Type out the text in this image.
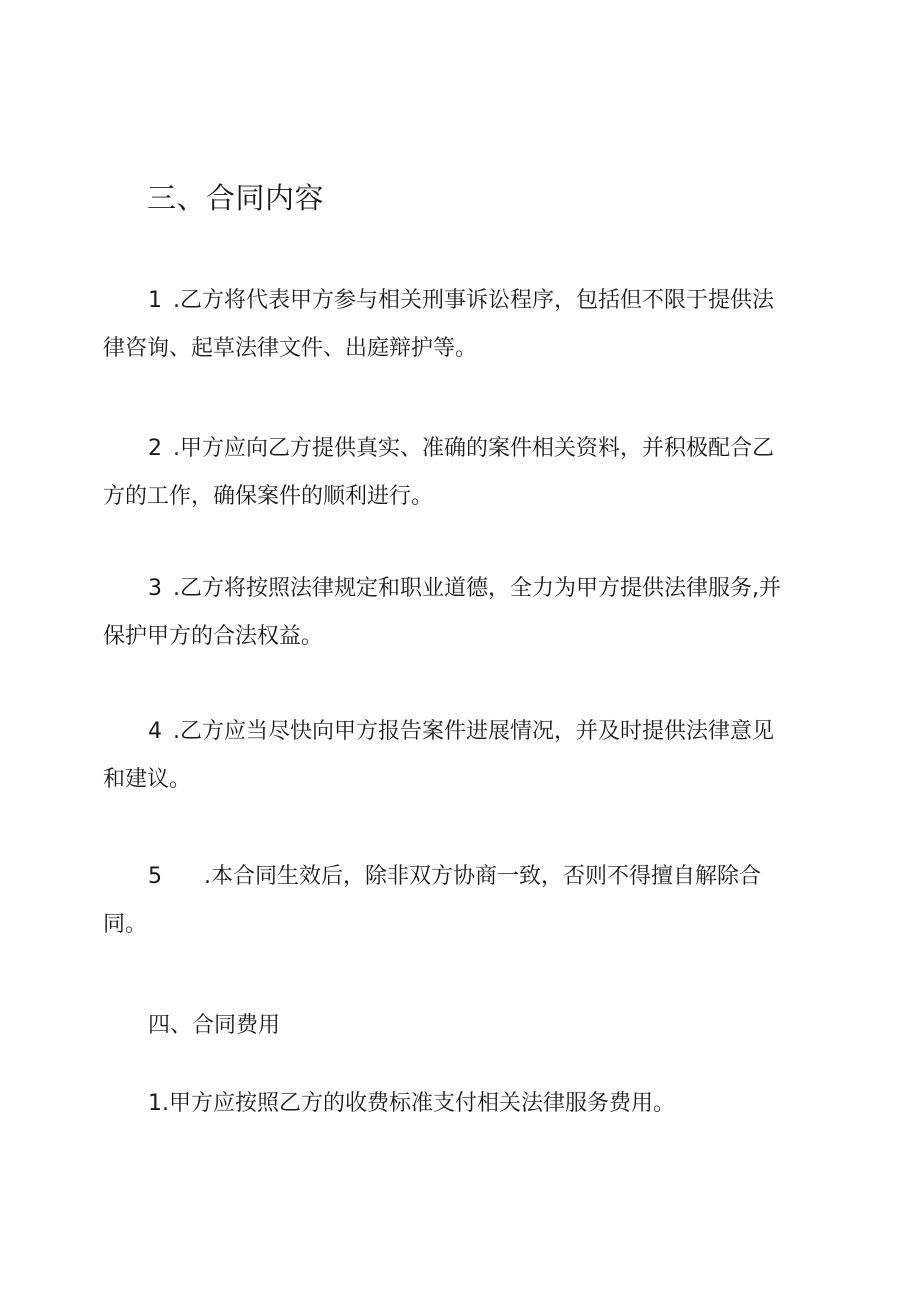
三、合同内容
1 .乙方将代表甲方参与相关刑事诉讼程序，包括但不限于提供法
律咨询、起草法律文件、出庭辩护等。
2 .甲方应向乙方提供真实、准确的案件相关资料，并积极配合乙
方的工作，确保案件的顺利进行。
3 .乙方将按照法律规定和职业道德，全力为甲方提供法律服务,并
保护甲方的合法权益。
4 .乙方应当尽快向甲方报告案件进展情况，并及时提供法律意见
和建议。
5 .本合同生效后，除非双方协商一致，否则不得擅自解除合
同。
四、合同费用
1.甲方应按照乙方的收费标准支付相关法律服务费用。
